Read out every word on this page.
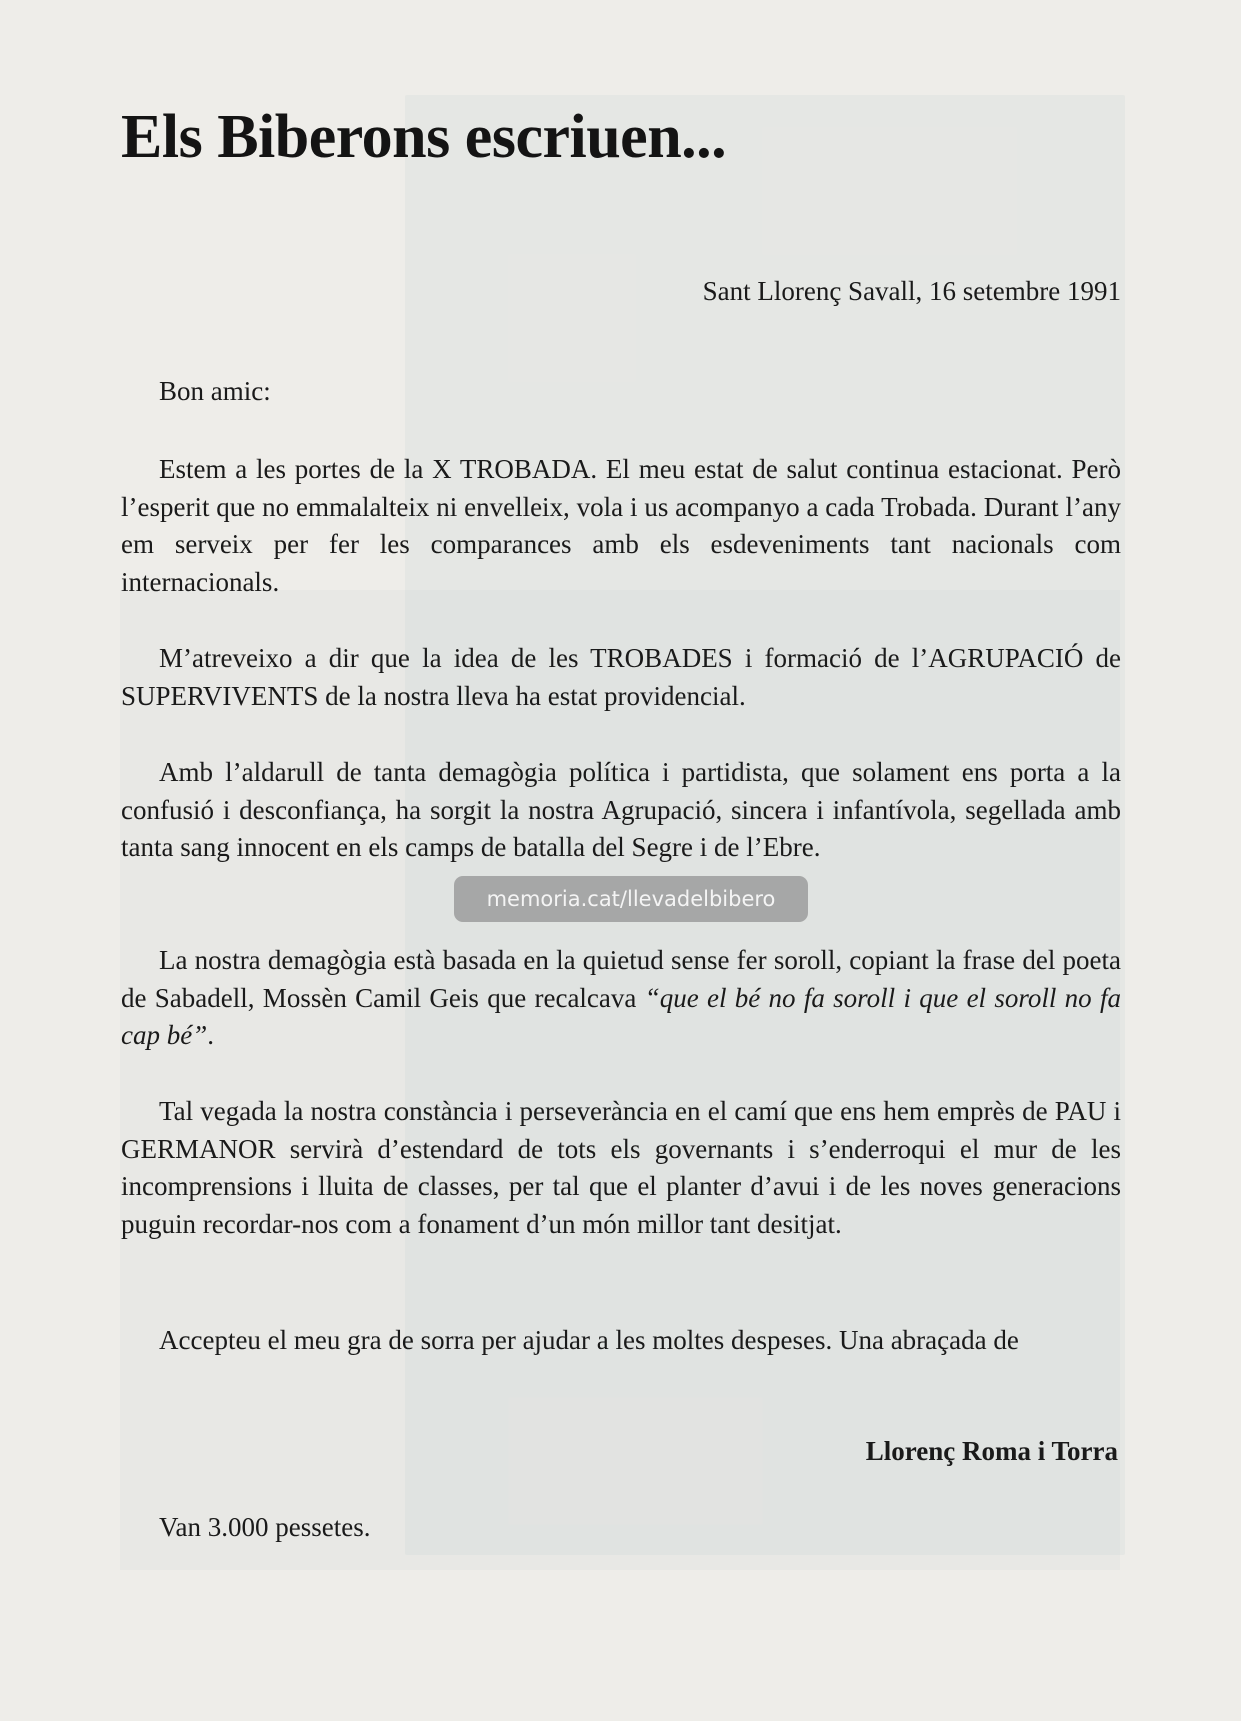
Els Biberons escriuen...
Sant Llorenç Savall, 16 setembre 1991
Bon amic:

Estem a les portes de la X TROBADA. El meu estat de salut continua estacionat. Però l’esperit que no emmalalteix ni envelleix, vola i us acompanyo a cada Trobada. Durant l’any em serveix per fer les comparances amb els esdeveniments tant nacionals com internacionals.

M’atreveixo a dir que la idea de les TROBADES i formació de l’AGRUPACIÓ de SUPERVIVENTS de la nostra lleva ha estat providencial.

Amb l’aldarull de tanta demagògia política i partidista, que solament ens porta a la confusió i desconfiança, ha sorgit la nostra Agrupació, sincera i infantívola, segellada amb tanta sang innocent en els camps de batalla del Segre i de l’Ebre.

La nostra demagògia està basada en la quietud sense fer soroll, copiant la frase del poeta de Sabadell, Mossèn Camil Geis que recalcava “que el bé no fa soroll i que el soroll no fa cap bé”.

Tal vegada la nostra constància i perseverància en el camí que ens hem emprès de PAU i GERMANOR servirà d’estendard de tots els governants i s’enderroqui el mur de les incomprensions i lluita de classes, per tal que el planter d’avui i de les noves generacions puguin recordar-nos com a fonament d’un món millor tant desitjat.

Accepteu el meu gra de sorra per ajudar a les moltes despeses. Una abraçada de

Llorenç Roma i Torra
Van 3.000 pessetes.
memoria.cat/llevadelbibero
